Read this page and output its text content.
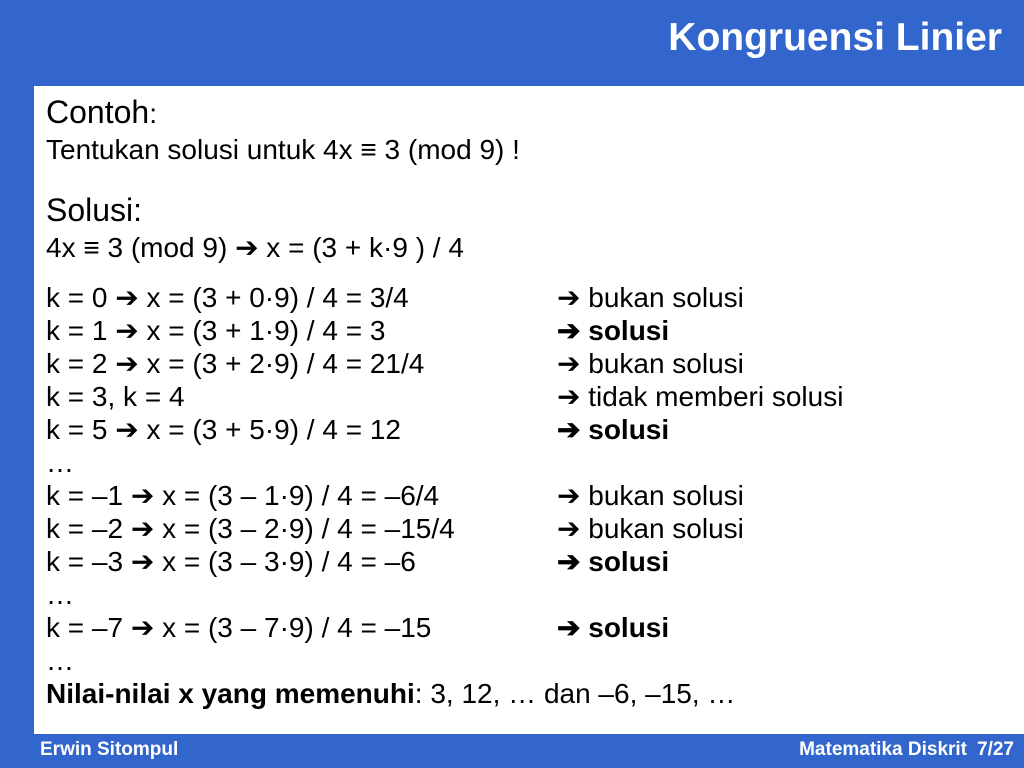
Kongruensi Linier
Contoh:
Tentukan solusi untuk 4x ≡ 3 (mod 9) !
Solusi:
4x ≡ 3 (mod 9) ➔ x = (3 + k·9 ) / 4
k = 0 ➔ x = (3 + 0·9) / 4 = 3/4	➔ bukan solusi
k = 1 ➔ x = (3 + 1·9) / 4 = 3	➔ solusi
k = 2 ➔ x = (3 + 2·9) / 4 = 21/4	➔ bukan solusi
k = 3, k = 4	➔ tidak memberi solusi
k = 5 ➔ x = (3 + 5·9) / 4 = 12	➔ solusi
…
k = –1 ➔ x = (3 – 1·9) / 4 = –6/4	➔ bukan solusi
k = –2 ➔ x = (3 – 2·9) / 4 = –15/4	➔ bukan solusi
k = –3 ➔ x = (3 – 3·9) / 4 = –6	➔ solusi
…
k = –7 ➔ x = (3 – 7·9) / 4 = –15	➔ solusi
…
Nilai-nilai x yang memenuhi: 3, 12, … dan –6, –15, …
Erwin Sitompul	Matematika Diskrit 7/27
